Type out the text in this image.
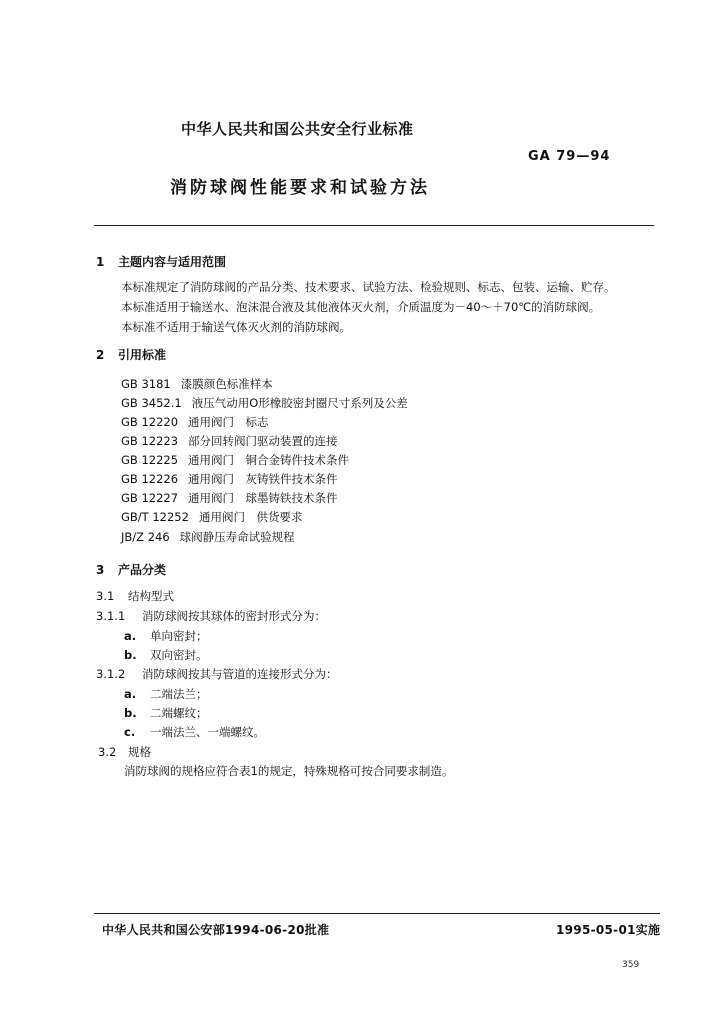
中华人民共和国公共安全行业标准
GA 79—94
消防球阀性能要求和试验方法
1 主题内容与适用范围
本标准规定了消防球阀的产品分类、技术要求、试验方法、检验规则、标志、包装、运输、贮存。
本标准适用于输送水、泡沫混合液及其他液体灭火剂，介质温度为－40～＋70℃的消防球阀。
本标准不适用于输送气体灭火剂的消防球阀。
2 引用标准
GB 3181 漆膜颜色标准样本
GB 3452.1 液压气动用O形橡胶密封圈尺寸系列及公差
GB 12220 通用阀门　标志
GB 12223 部分回转阀门驱动装置的连接
GB 12225 通用阀门　铜合金铸件技术条件
GB 12226 通用阀门　灰铸铁件技术条件
GB 12227 通用阀门　球墨铸铁技术条件
GB/T 12252 通用阀门　供货要求
JB/Z 246 球阀静压寿命试验规程
3 产品分类
3.1 结构型式
3.1.1 消防球阀按其球体的密封形式分为：
a. 单向密封；
b. 双向密封。
3.1.2 消防球阀按其与管道的连接形式分为：
a. 二端法兰；
b. 二端螺纹；
c. 一端法兰、一端螺纹。
3.2 规格
消防球阀的规格应符合表1的规定，特殊规格可按合同要求制造。
中华人民共和国公安部1994-06-20批准	1995-05-01实施
359
